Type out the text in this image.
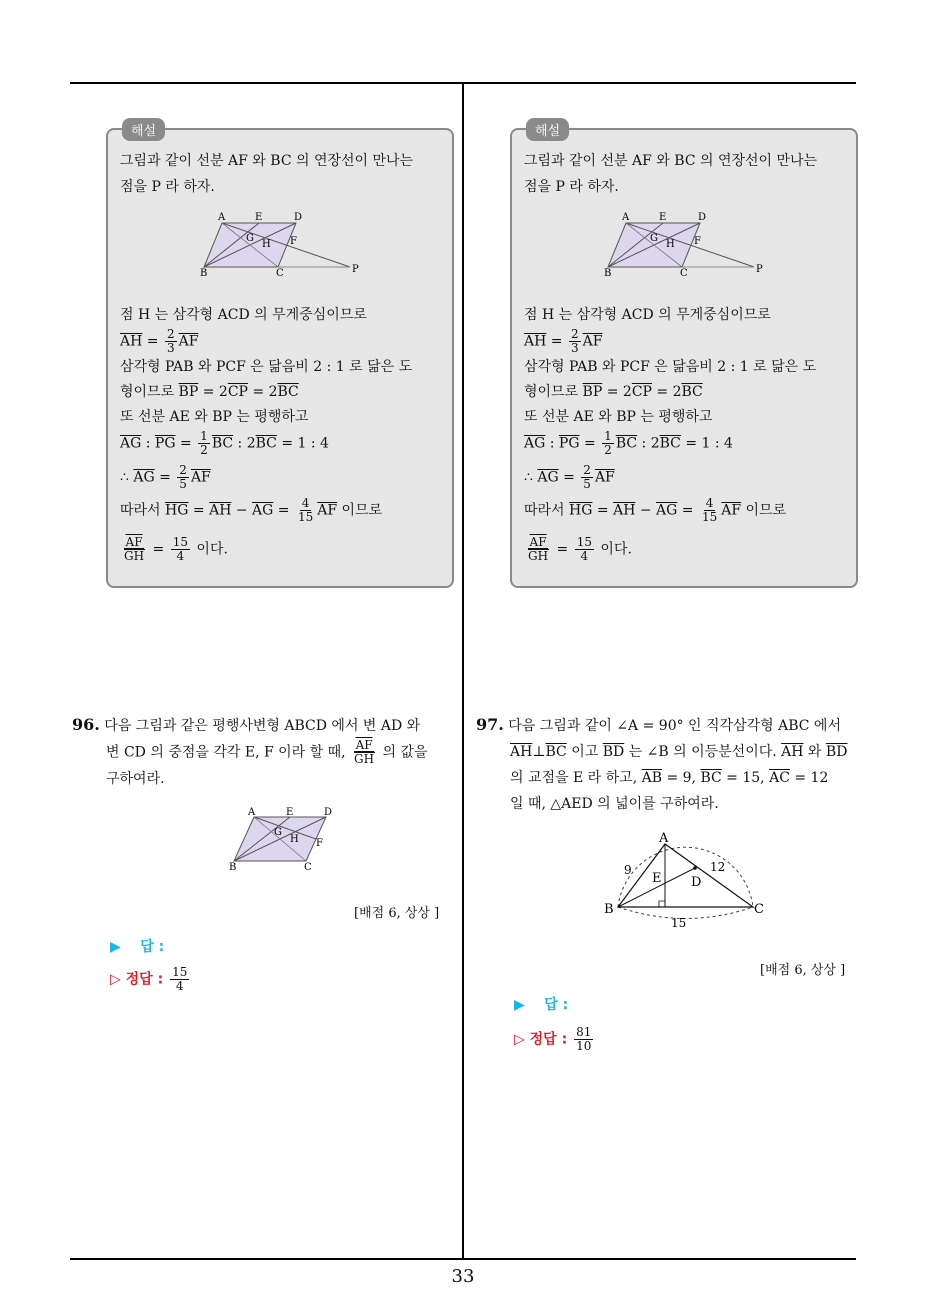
해설
그림과 같이 선분 AF 와 BC 의 연장선이 만나는
점을 P 라 하자.
A	E	D
G
H F
B	C	P
점 H 는 삼각형 ACD 의 무게중심이므로
$\overline{AH} = \frac{2}{3} \overline{AF}$
삼각형 PAB 와 PCF 은 닮음비 2 : 1 로 닮은 도
형이므로 $\overline{BP} = 2\overline{CP} = 2\overline{BC}$
또 선분 AE 와 BP 는 평행하고
$\overline{AG}$ : $\overline{PG} = \frac{1}{2} \overline{BC}$ : $2\overline{BC} = 1$ : 4
∴ $\overline{AG} = \frac{2}{5} \overline{AF}$
따라서 $\overline{HG} = \overline{AH} - \overline{AG} = \frac{4}{15} \overline{AF}$ 이므로
$\frac{\overline{AF}}{GH} = \frac{15}{4}$ 이다.
해설
그림과 같이 선분 AF 와 BC 의 연장선이 만나는
점을 P 라 하자.
A	E	D
G
H F
B	C	P
점 H 는 삼각형 ACD 의 무게중심이므로
$\overline{AH} = \frac{2}{3} \overline{AF}$
삼각형 PAB 와 PCF 은 닮음비 2 : 1 로 닮은 도
형이므로 $\overline{BP} = 2\overline{CP} = 2\overline{BC}$
또 선분 AE 와 BP 는 평행하고
$\overline{AG}$ : $\overline{PG} = \frac{1}{2} \overline{BC}$ : $2\overline{BC} = 1$ : 4
∴ $\overline{AG} = \frac{2}{5} \overline{AF}$
따라서 $\overline{HG} = \overline{AH} - \overline{AG} = \frac{4}{15} \overline{AF}$ 이므로
$\frac{\overline{AF}}{GH} = \frac{15}{4}$ 이다.
96. 다음 그림과 같은 평행사변형 ABCD 에서 변 AD 와
변 CD 의 중점을 각각 E, F 이라 할 때, $\frac{\overline{AF}}{GH}$ 의 값을
구하여라.
A	E	D
G
H F
B	C
[배점 6, 상상 ]
▶ 답 :
▷ 정답 : $\frac{15}{4}$
97. 다음 그림과 같이 ∠A = 90° 인 직각삼각형 ABC 에서
$\overline{AH}\perp\overline{BC}$ 이고 $\overline{BD}$ 는 ∠B 의 이등분선이다. $\overline{AH}$ 와 $\overline{BD}$
의 교점을 E 라 하고, $\overline{AB} = 9$, $\overline{BC} = 15$, $\overline{AC} = 12$
일 때, △AED 의 넓이를 구하여라.
A
B	C
D
E
9	12
15
[배점 6, 상상 ]
▶ 답 :
▷ 정답 : $\frac{81}{10}$
33
